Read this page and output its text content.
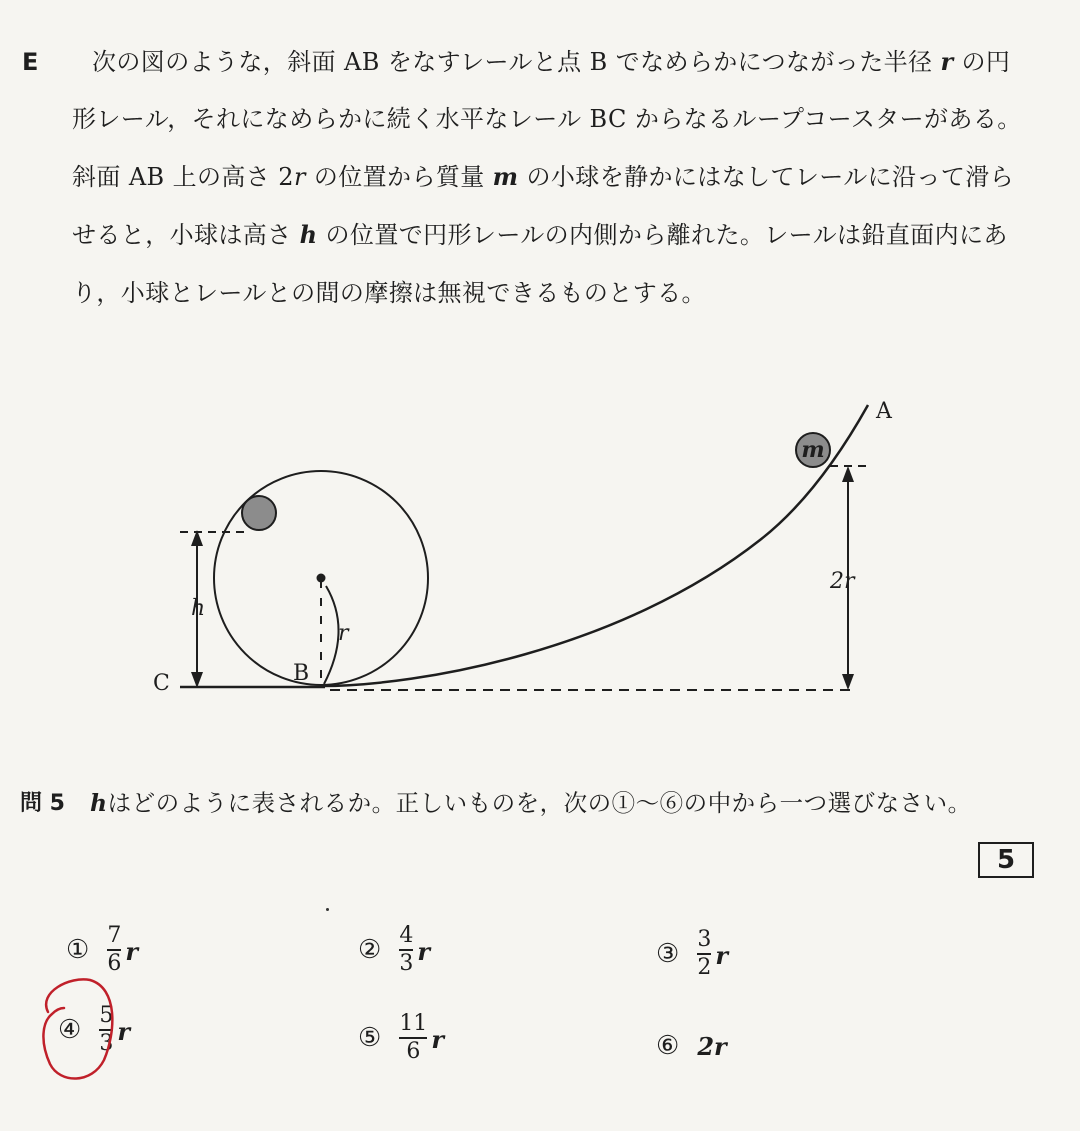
E 次の図のような，斜面 AB をなすレールと点 B でなめらかにつながった半径 r の円
形レール，それになめらかに続く水平なレール BC からなるループコースターがある。
斜面 AB 上の高さ 2r の位置から質量 m の小球を静かにはなしてレールに沿って滑ら
せると，小球は高さ h の位置で円形レールの内側から離れた。レールは鉛直面内にあ
り，小球とレールとの間の摩擦は無視できるものとする。
m
A
B
C
h
r
2r
問 5 hはどのように表されるか。正しいものを，次の①～⑥の中から一つ選びなさい。
5
① $\frac{7}{6}$ r	② $\frac{4}{3}$ r	③ $\frac{3}{2}$ r
④ $\frac{5}{3}$ r	⑤ $\frac{11}{6}$ r	⑥ 2r
